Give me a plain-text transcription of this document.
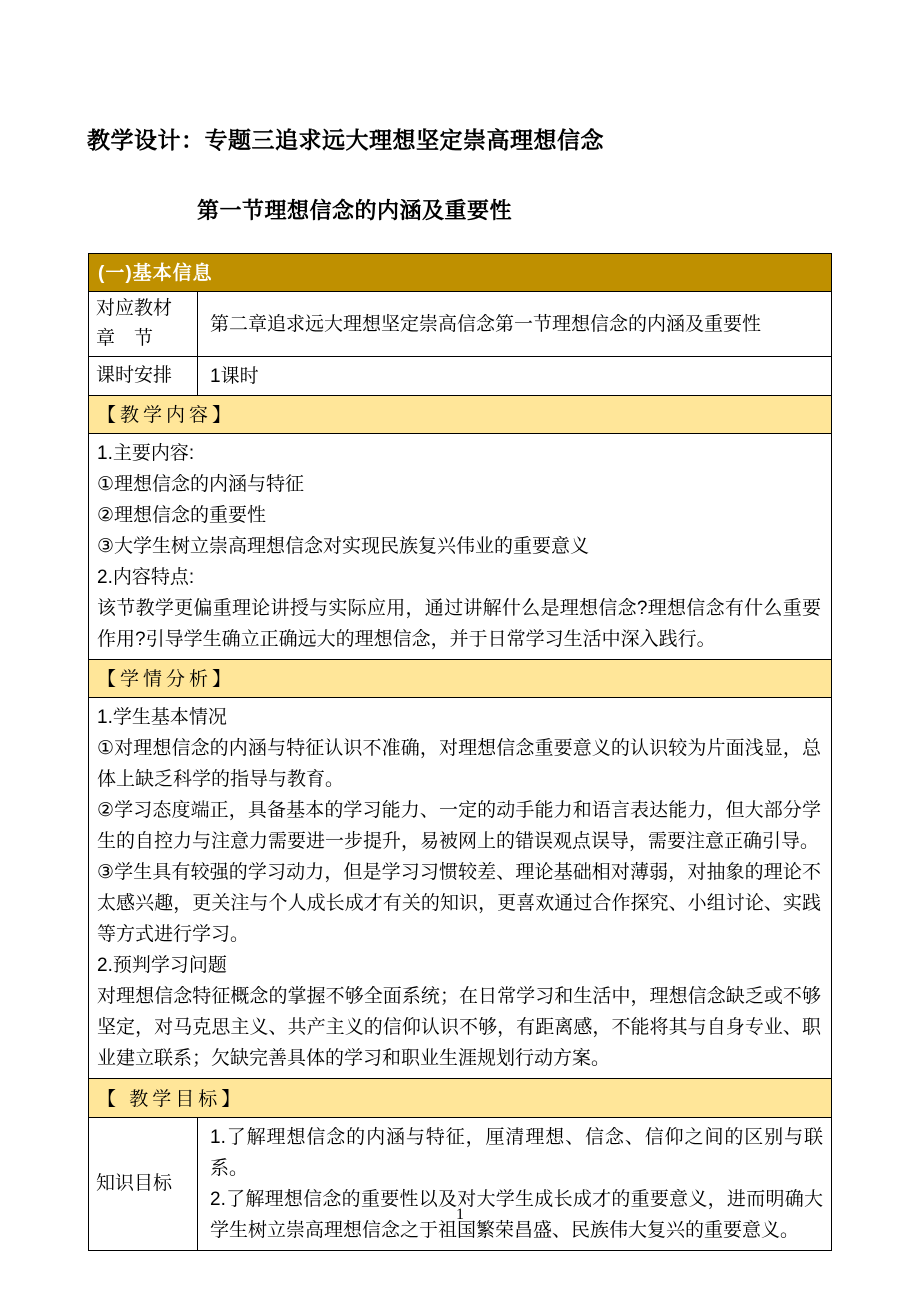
教学设计：专题三追求远大理想坚定崇高理想信念
第一节理想信念的内涵及重要性
(一)基本信息	

对应教材
章　节	第二章追求远大理想坚定崇高信念第一节理想信念的内涵及重要性
课时安排	1课时
【教学内容】	

1.主要内容:

①理想信念的内涵与特征

②理想信念的重要性

③大学生树立崇高理想信念对实现民族复兴伟业的重要意义

2.内容特点:

该节教学更偏重理论讲授与实际应用，通过讲解什么是理想信念?理想信念有什么重要作用?引导学生确立正确远大的理想信念，并于日常学习生活中深入践行。

【学情分析】	

1.学生基本情况

①对理想信念的内涵与特征认识不准确，对理想信念重要意义的认识较为片面浅显，总体上缺乏科学的指导与教育。

②学习态度端正，具备基本的学习能力、一定的动手能力和语言表达能力，但大部分学生的自控力与注意力需要进一步提升，易被网上的错误观点误导，需要注意正确引导。

③学生具有较强的学习动力，但是学习习惯较差、理论基础相对薄弱，对抽象的理论不太感兴趣，更关注与个人成长成才有关的知识，更喜欢通过合作探究、小组讨论、实践等方式进行学习。

2.预判学习问题

对理想信念特征概念的掌握不够全面系统；在日常学习和生活中，理想信念缺乏或不够坚定，对马克思主义、共产主义的信仰认识不够，有距离感，不能将其与自身专业、职业建立联系；欠缺完善具体的学习和职业生涯规划行动方案。

【 教学目标】	
知识目标	1.了解理想信念的内涵与特征，厘清理想、信念、信仰之间的区别与联系。

2.了解理想信念的重要性以及对大学生成长成才的重要意义，进而明确大学生树立崇高理想信念之于祖国繁荣昌盛、民族伟大复兴的重要意义。

1
